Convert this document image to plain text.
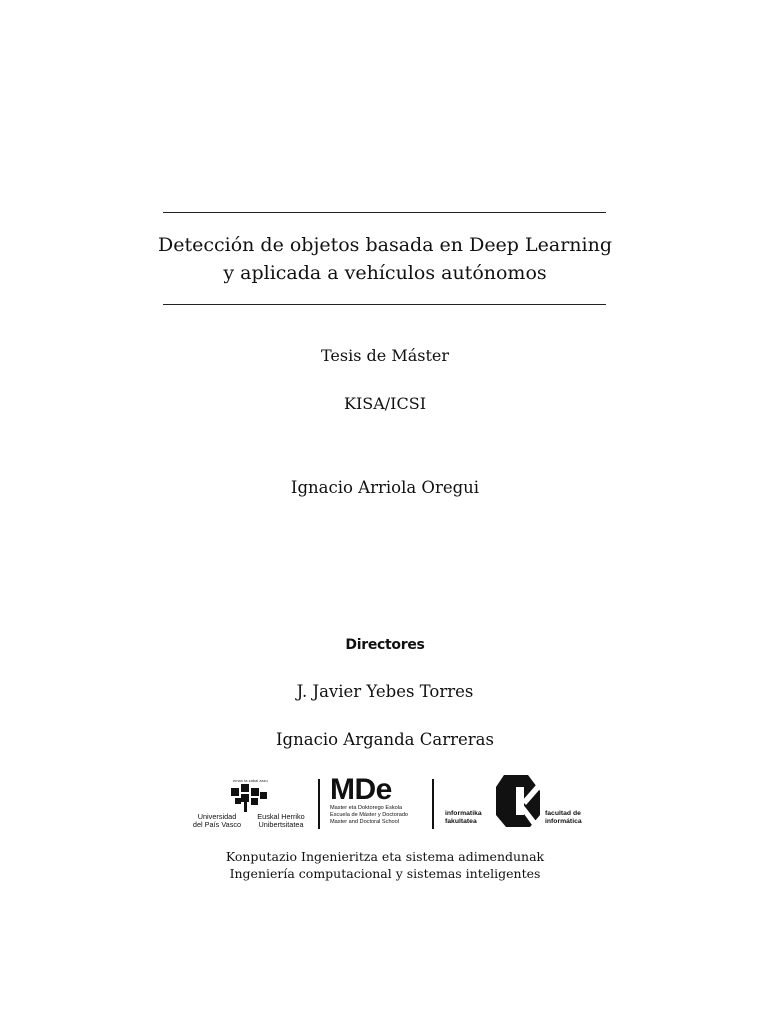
Detección de objetos basada en Deep Learning
y aplicada a vehículos autónomos
Tesis de Máster
KISA/ICSI
Ignacio Arriola Oregui
Directores
J. Javier Yebes Torres
Ignacio Arganda Carreras
eman ta zabal zazu
Universidad
del País Vasco
Euskal Herriko
Unibertsitatea
MDe
Master eta Doktorego Eskola
Escuela de Máster y Doctorado
Master and Doctoral School
informatika
fakultatea
facultad de
informática
Konputazio Ingenieritza eta sistema adimendunak
Ingeniería computacional y sistemas inteligentes
